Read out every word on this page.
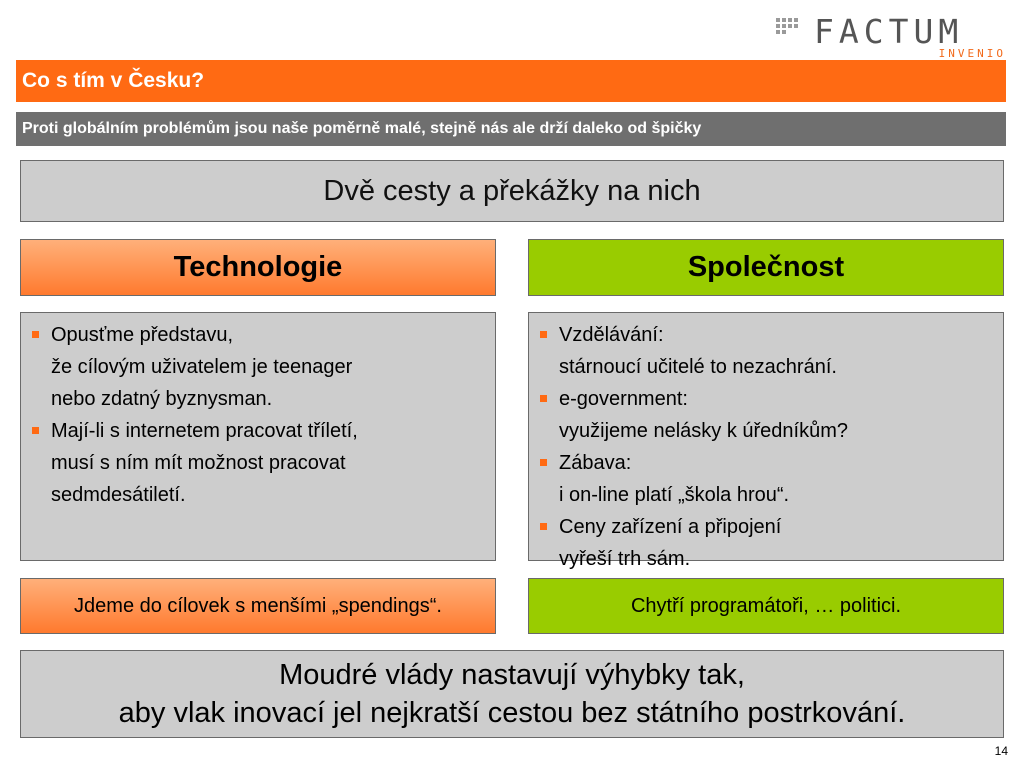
FACTUM
INVENIO
Co s tím v Česku?
Proti globálním problémům jsou naše poměrně malé, stejně nás ale drží daleko od špičky
Dvě cesty a překážky na nich
Technologie	Společnost
Opusťme představu,
že cílovým uživatelem je teenager
nebo zdatný byznysman.
Mají-li s internetem pracovat tříletí,
musí s ním mít možnost pracovat
sedmdesátiletí.
Vzdělávání:
stárnoucí učitelé to nezachrání.
e-government:
využijeme nelásky k úředníkům?
Zábava:
i on-line platí „škola hrou“.
Ceny zařízení a připojení
vyřeší trh sám.
Jdeme do cílovek s menšími „spendings“.	Chytří programátoři, … politici.
Moudré vlády nastavují výhybky tak,
aby vlak inovací jel nejkratší cestou bez státního postrkování.
14
